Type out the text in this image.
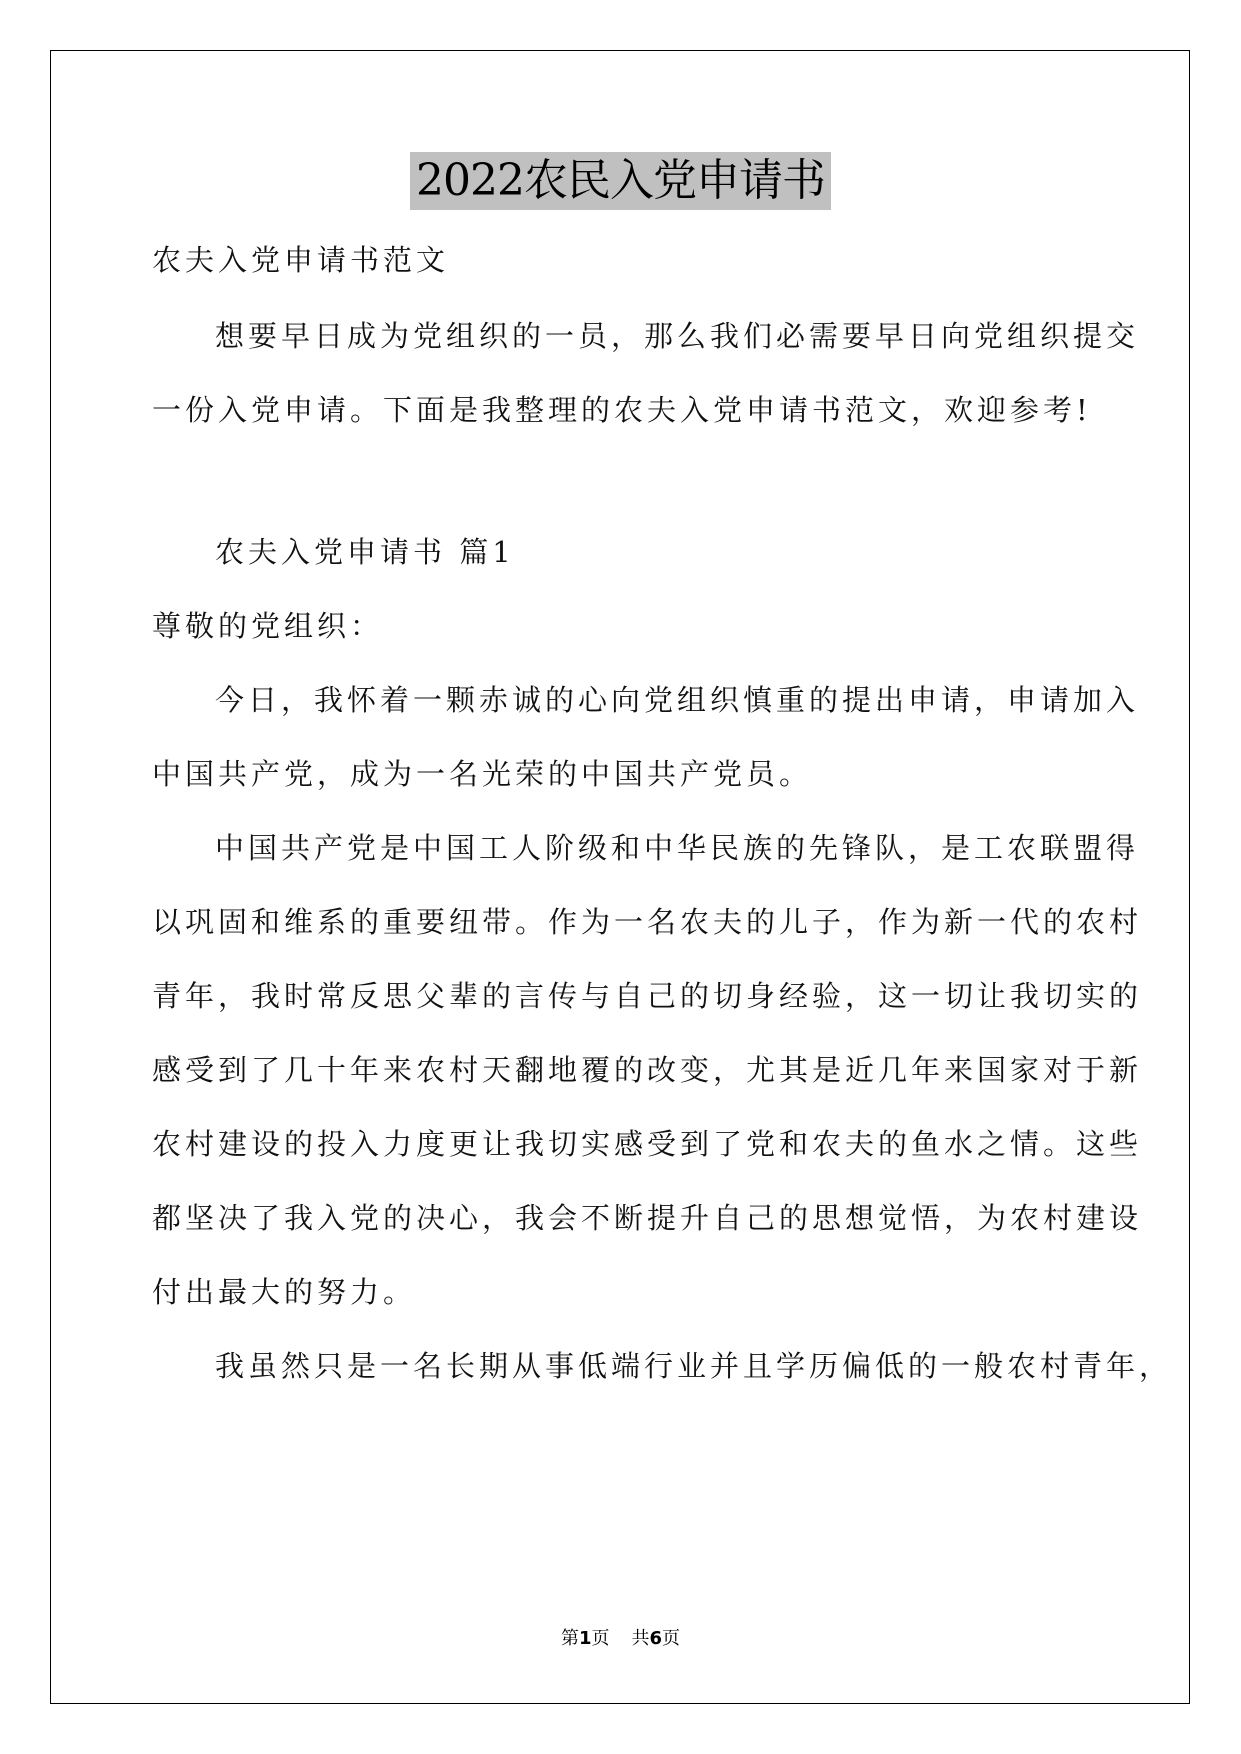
2022农民入党申请书
农夫入党申请书范文
想要早日成为党组织的一员，那么我们必需要早日向党组织提交
一份入党申请。下面是我整理的农夫入党申请书范文，欢迎参考!
农夫入党申请书 篇1
尊敬的党组织：
今日，我怀着一颗赤诚的心向党组织慎重的提出申请，申请加入
中国共产党，成为一名光荣的中国共产党员。
中国共产党是中国工人阶级和中华民族的先锋队，是工农联盟得
以巩固和维系的重要纽带。作为一名农夫的儿子，作为新一代的农村
青年，我时常反思父辈的言传与自己的切身经验，这一切让我切实的
感受到了几十年来农村天翻地覆的改变，尤其是近几年来国家对于新
农村建设的投入力度更让我切实感受到了党和农夫的鱼水之情。这些
都坚决了我入党的决心，我会不断提升自己的思想觉悟，为农村建设
付出最大的努力。
我虽然只是一名长期从事低端行业并且学历偏低的一般农村青年，
第1页 共6页
